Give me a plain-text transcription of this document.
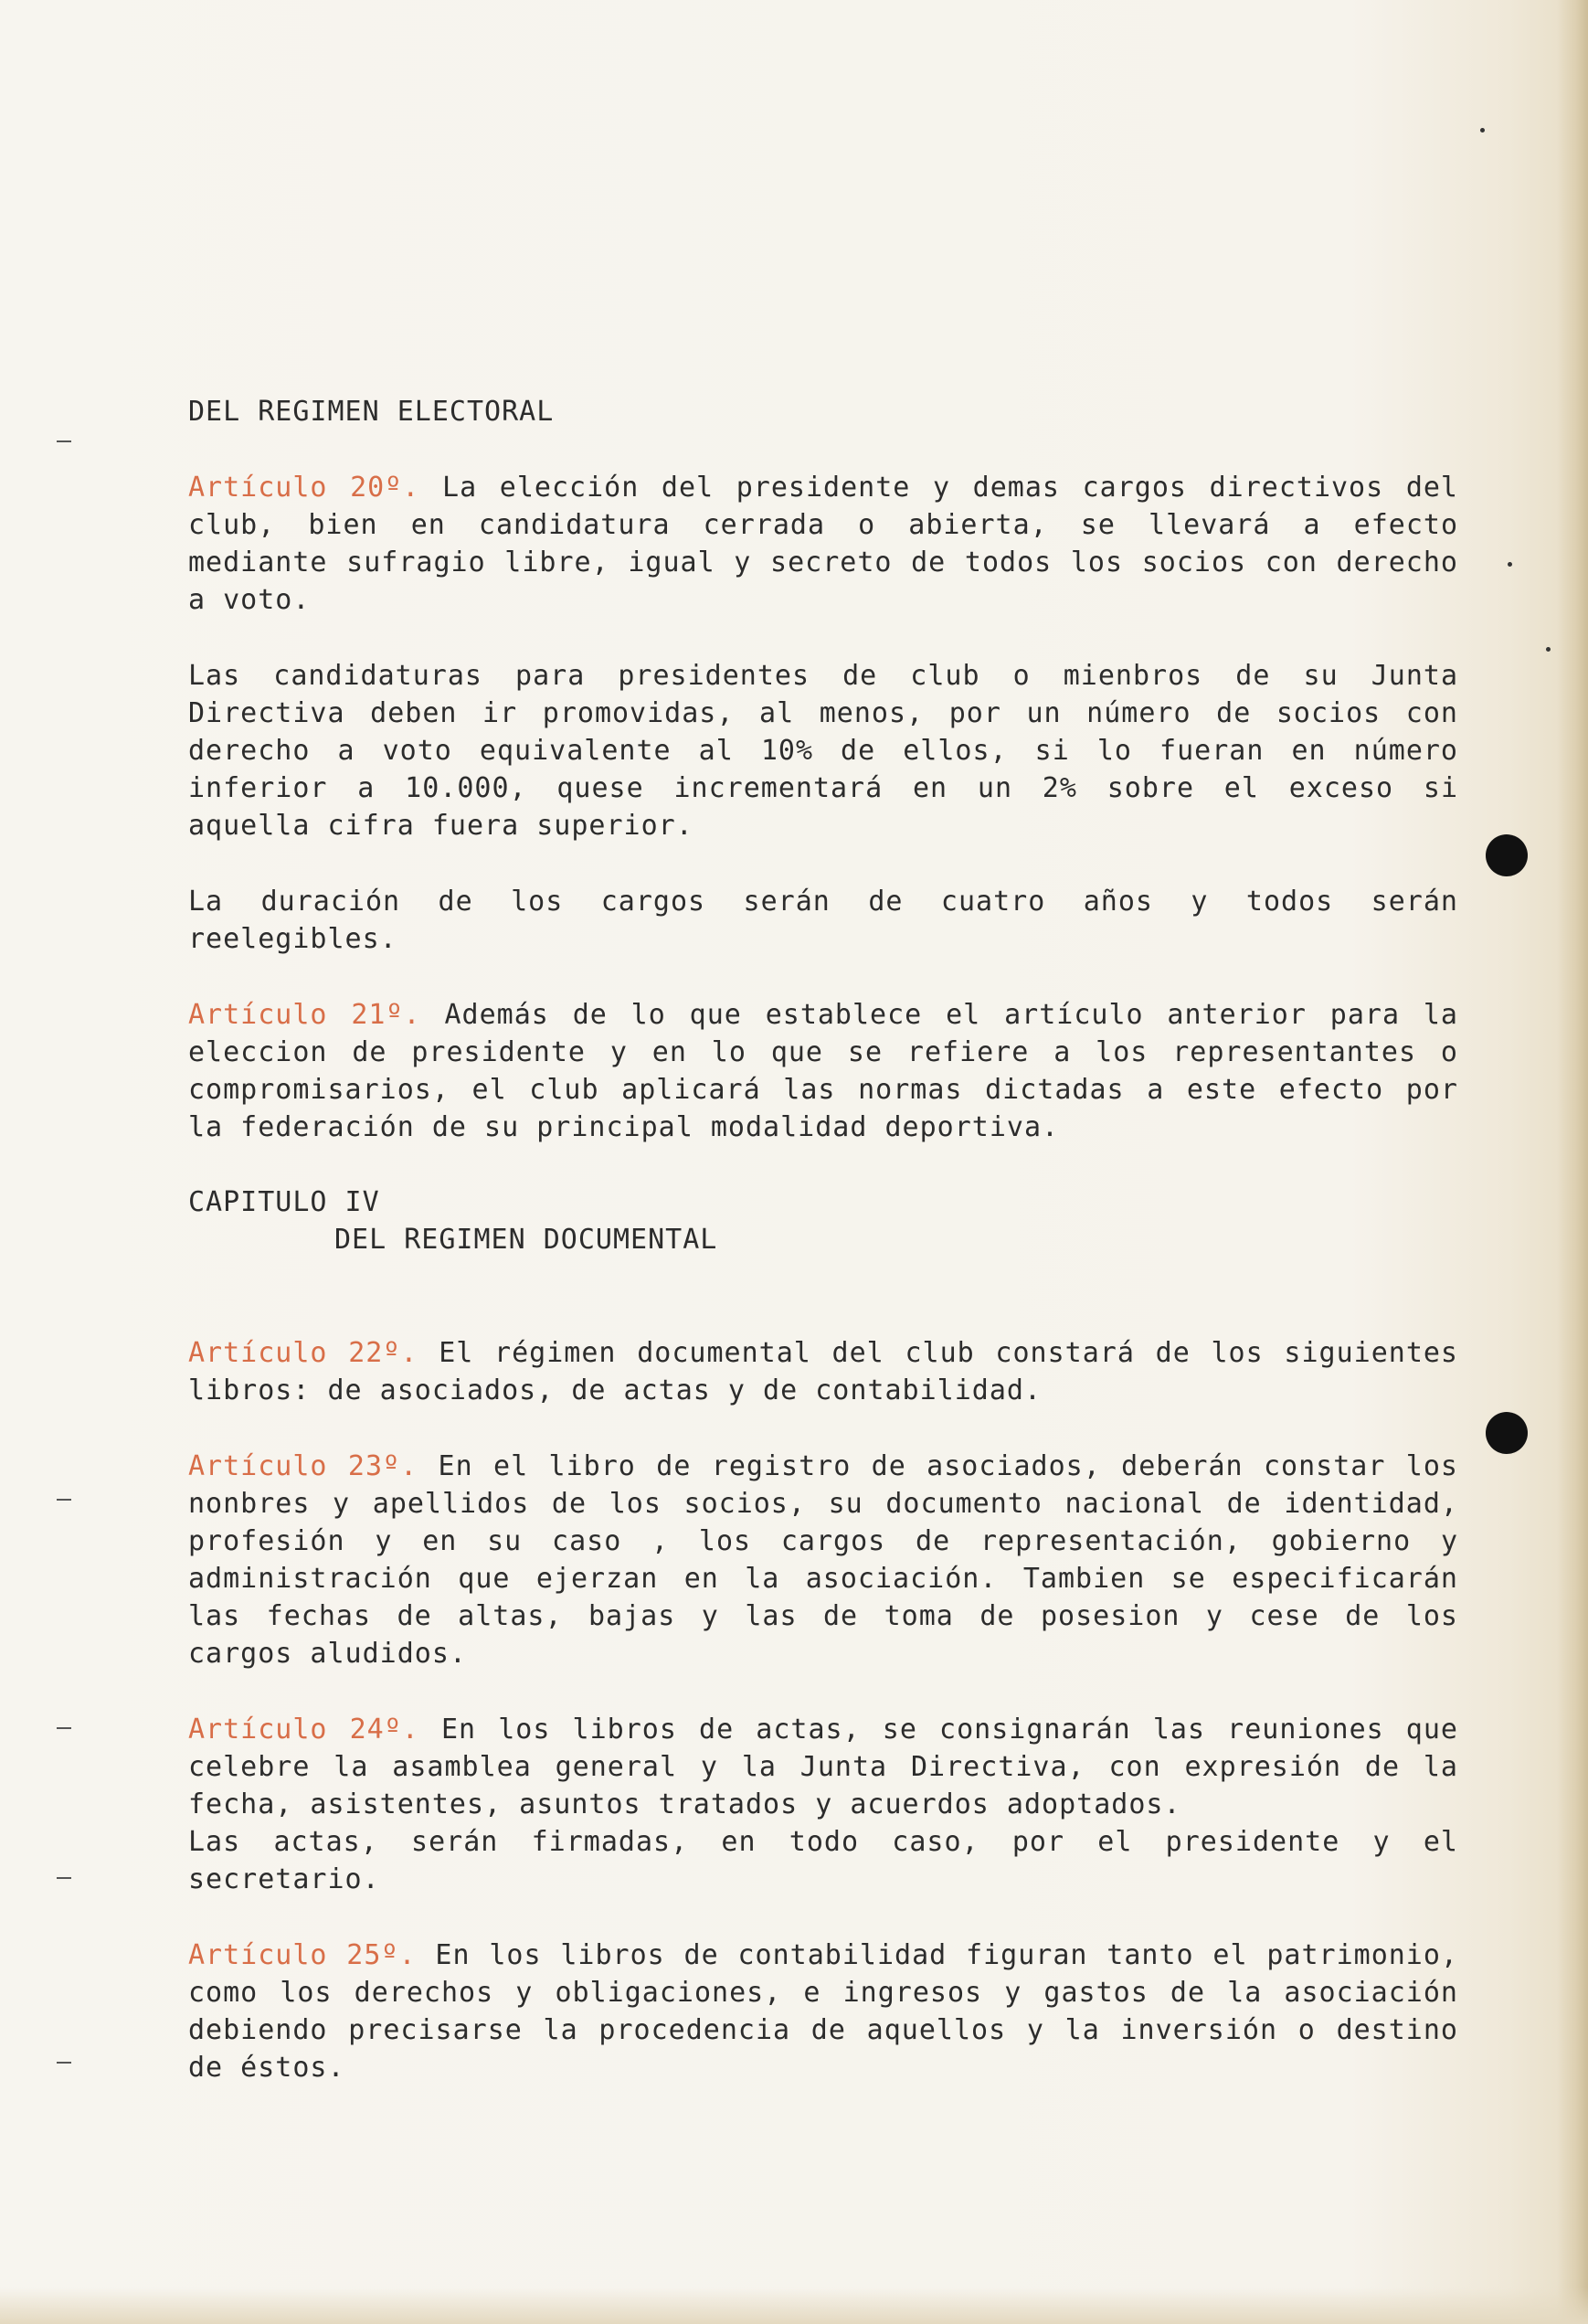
DEL REGIMEN ELECTORAL

Artículo 20º. La elección del presidente y demas cargos directivos del club, bien en candidatura cerrada o abierta, se llevará a efecto mediante sufragio libre, igual y secreto de todos los socios con derecho a voto.

Las candidaturas para presidentes de club o mienbros de su Junta Directiva deben ir promovidas, al menos, por un número de socios con derecho a voto equivalente al 10% de ellos, si lo fueran en número inferior a 10.000, quese incrementará en un 2% sobre el exceso si aquella cifra fuera superior.

La duración de los cargos serán de cuatro años y todos serán reelegibles.

Artículo 21º. Además de lo que establece el artículo anterior para la eleccion de presidente y en lo que se refiere a los representantes o compromisarios, el club aplicará las normas dictadas a este efecto por la federación de su principal modalidad deportiva.

CAPITULO IV

DEL REGIMEN DOCUMENTAL

Artículo 22º. El régimen documental del club constará de los siguientes libros: de asociados, de actas y de contabilidad.

Artículo 23º. En el libro de registro de asociados, deberán constar los nonbres y apellidos de los socios, su documento nacional de identidad, profesión y en su caso , los cargos de representación, gobierno y administración que ejerzan en la asociación. Tambien se especificarán las fechas de altas, bajas y las de toma de posesion y cese de los cargos aludidos.

Artículo 24º. En los libros de actas, se consignarán las reuniones que celebre la asamblea general y la Junta Directiva, con expresión de la fecha, asistentes, asuntos tratados y acuerdos adoptados.

Las actas, serán firmadas, en todo caso, por el presidente y el secretario.

Artículo 25º. En los libros de contabilidad figuran tanto el patrimonio, como los derechos y obligaciones, e ingresos y gastos de la asociación debiendo precisarse la procedencia de aquellos y la inversión o destino de éstos.
